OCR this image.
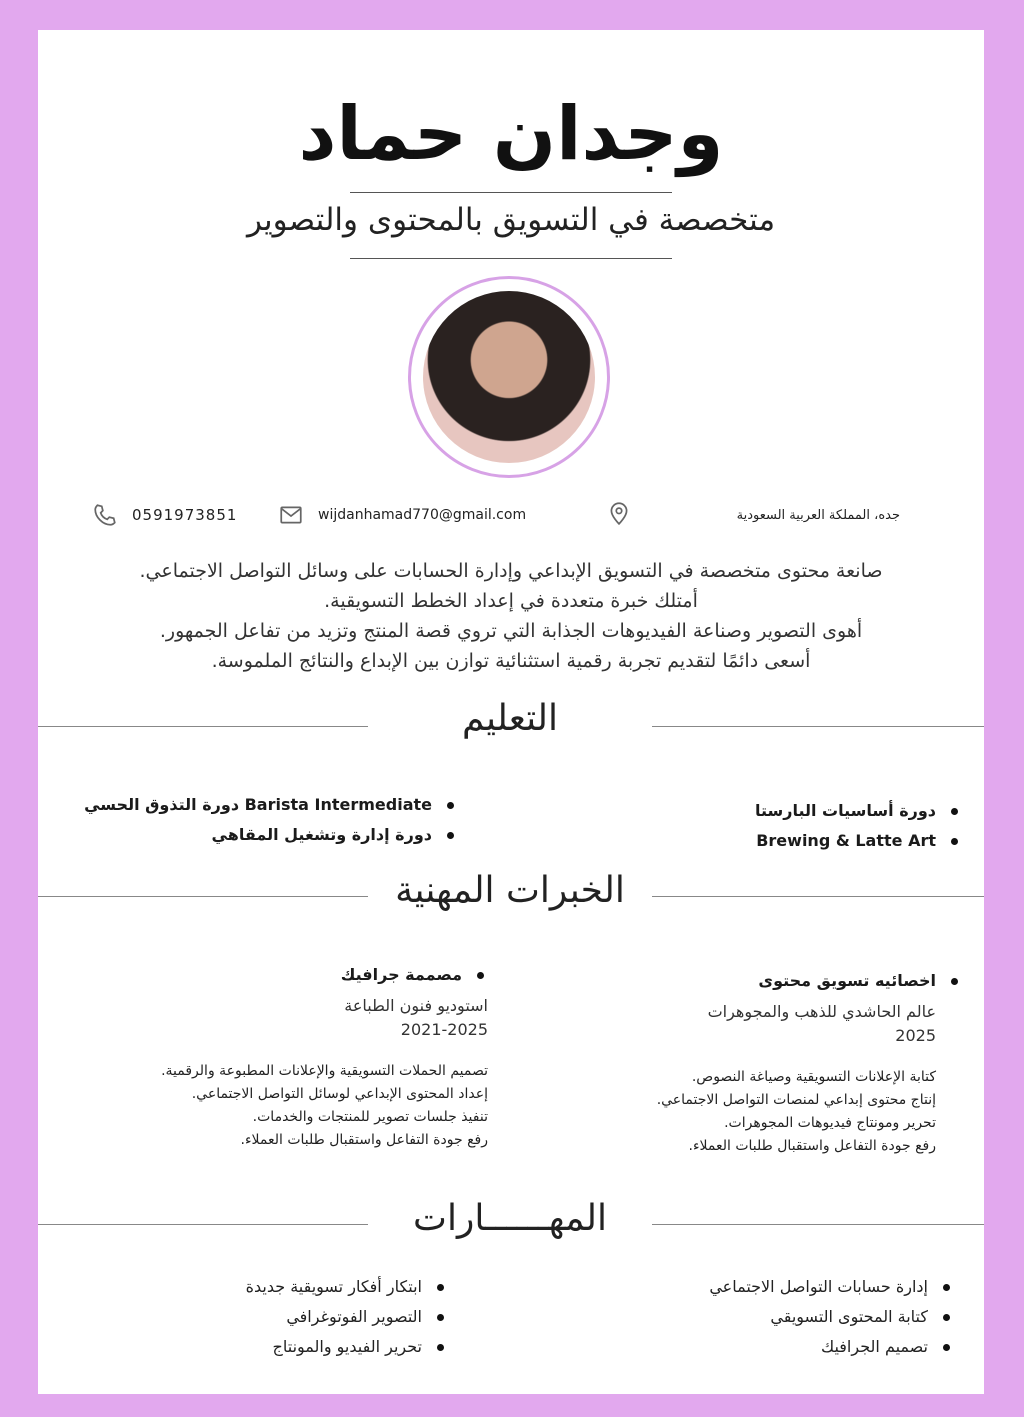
وجدان حماد
متخصصة في التسويق بالمحتوى والتصوير
0591973851	wijdanhamad770@gmail.com	جده، المملكة العربية السعودية
صانعة محتوى متخصصة في التسويق الإبداعي وإدارة الحسابات على وسائل التواصل الاجتماعي.
أمتلك خبرة متعددة في إعداد الخطط التسويقية.
أهوى التصوير وصناعة الفيديوهات الجذابة التي تروي قصة المنتج وتزيد من تفاعل الجمهور.
أسعى دائمًا لتقديم تجربة رقمية استثنائية توازن بين الإبداع والنتائج الملموسة.
التعليم
دورة أساسيات البارستا
Brewing & Latte Art
Barista Intermediate دورة التذوق الحسي
دورة إدارة وتشغيل المقاهي
الخبرات المهنية
اخصائيه تسويق محتوى
عالم الحاشدي للذهب والمجوهرات
2025
كتابة الإعلانات التسويقية وصياغة النصوص.
إنتاج محتوى إبداعي لمنصات التواصل الاجتماعي.
تحرير ومونتاج فيديوهات المجوهرات.
رفع جودة التفاعل واستقبال طلبات العملاء.
مصممة جرافيك
استوديو فنون الطباعة
2021-2025
تصميم الحملات التسويقية والإعلانات المطبوعة والرقمية.
إعداد المحتوى الإبداعي لوسائل التواصل الاجتماعي.
تنفيذ جلسات تصوير للمنتجات والخدمات.
رفع جودة التفاعل واستقبال طلبات العملاء.
المهــــــارات
إدارة حسابات التواصل الاجتماعي
كتابة المحتوى التسويقي
تصميم الجرافيك
ابتكار أفكار تسويقية جديدة
التصوير الفوتوغرافي
تحرير الفيديو والمونتاج
